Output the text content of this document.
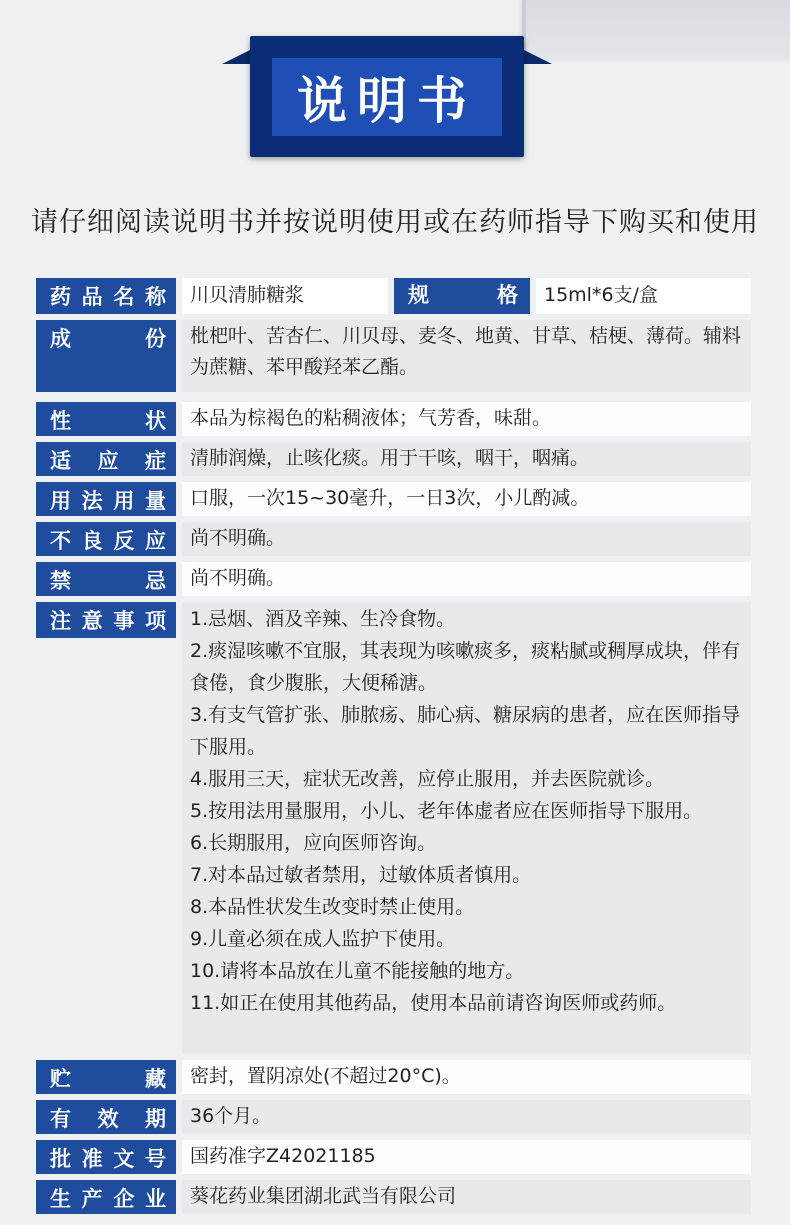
说明书
请仔细阅读说明书并按说明使用或在药师指导下购买和使用
药品名称	川贝清肺糖浆	规　格	15ml*6支/盒
成份	枇杷叶、苦杏仁、川贝母、麦冬、地黄、甘草、桔梗、薄荷。辅料为蔗糖、苯甲酸羟苯乙酯。
性状	本品为棕褐色的粘稠液体；气芳香，味甜。
适应症	清肺润燥，止咳化痰。用于干咳，咽干，咽痛。
用法用量	口服，一次15~30毫升，一日3次，小儿酌减。
不良反应	尚不明确。
禁忌	尚不明确。
注意事项 1.忌烟、酒及辛辣、生冷食物。

2.痰湿咳嗽不宜服，其表现为咳嗽痰多，痰粘腻或稠厚成块，伴有食倦，食少腹胀，大便稀溏。

3.有支气管扩张、肺脓疡、肺心病、糖尿病的患者，应在医师指导下服用。

4.服用三天，症状无改善，应停止服用，并去医院就诊。

5.按用法用量服用，小儿、老年体虚者应在医师指导下服用。

6.长期服用，应向医师咨询。

7.对本品过敏者禁用，过敏体质者慎用。

8.本品性状发生改变时禁止使用。

9.儿童必须在成人监护下使用。

10.请将本品放在儿童不能接触的地方。

11.如正在使用其他药品，使用本品前请咨询医师或药师。

贮藏	密封，置阴凉处(不超过20°C)。
有效期	36个月。
批准文号	国药准字Z42021185
生产企业	葵花药业集团湖北武当有限公司
